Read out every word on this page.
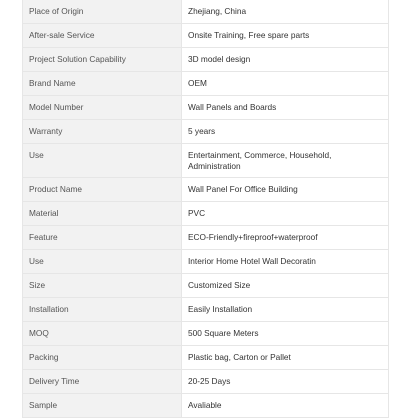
Place of Origin	Zhejiang, China
After-sale Service	Onsite Training, Free spare parts
Project Solution Capability	3D model design
Brand Name	OEM
Model Number	Wall Panels and Boards
Warranty	5 years
Use	Entertainment, Commerce, Household, Administration
Product Name	Wall Panel For Office Building
Material	PVC
Feature	ECO-Friendly+fireproof+waterproof
Use	Interior Home Hotel Wall Decoratin
Size	Customized Size
Installation	Easily Installation
MOQ	500 Square Meters
Packing	Plastic bag, Carton or Pallet
Delivery Time	20-25 Days
Sample	Avaliable
